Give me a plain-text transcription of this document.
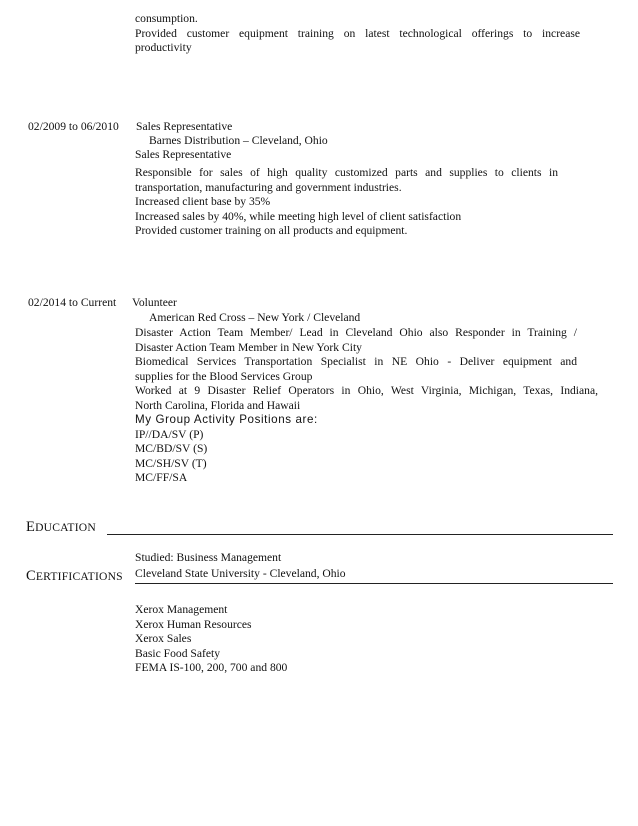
consumption.
Provided customer equipment training on latest technological offerings to increase
productivity
02/2009 to 06/2010 Sales Representative
Barnes Distribution – Cleveland, Ohio
Sales Representative
Responsible for sales of high quality customized parts and supplies to clients in
transportation, manufacturing and government industries.
Increased client base by 35%
Increased sales by 40%, while meeting high level of client satisfaction
Provided customer training on all products and equipment.
02/2014 to Current Volunteer
American Red Cross – New York / Cleveland
Disaster Action Team Member/ Lead in Cleveland Ohio also Responder in Training /
Disaster Action Team Member in New York City
Biomedical Services Transportation Specialist in NE Ohio - Deliver equipment and
supplies for the Blood Services Group
Worked at 9 Disaster Relief Operators in Ohio, West Virginia, Michigan, Texas, Indiana,
North Carolina, Florida and Hawaii
My Group Activity Positions are:
IP//DA/SV (P)
MC/BD/SV (S)
MC/SH/SV (T)
MC/FF/SA
EDUCATION
Studied: Business Management
CERTIFICATIONS Cleveland State University - Cleveland, Ohio
Xerox Management
Xerox Human Resources
Xerox Sales
Basic Food Safety
FEMA IS-100, 200, 700 and 800
